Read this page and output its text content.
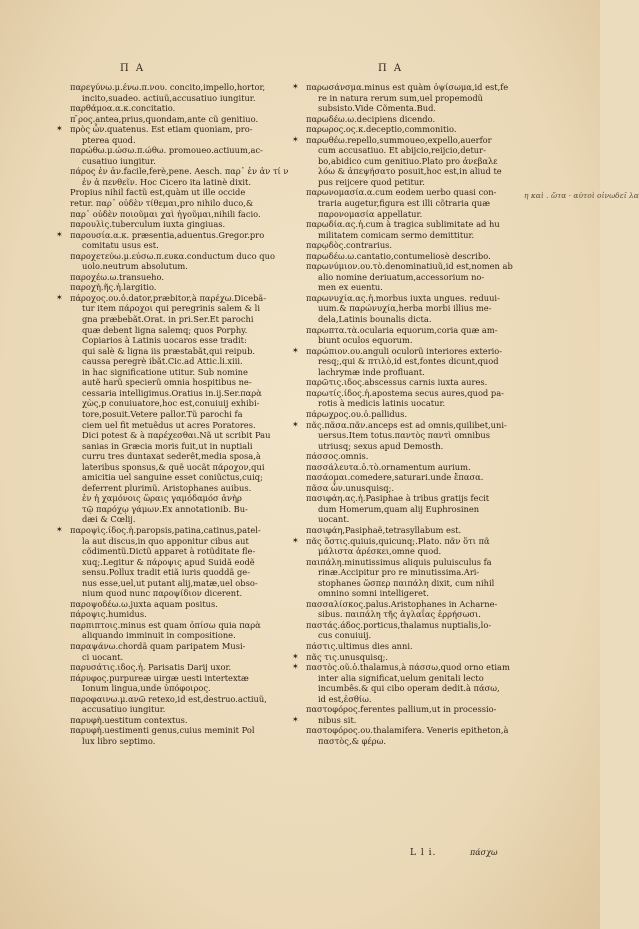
Π Α	Π Α
παρεγύνω.μ.ένω.π.νου. concito,impello,hortor,
incito,suadeo. actiuũ,accusatiuo iungitur.
παρθάμοα.α.κ.concitatio.
π ̄ρος.antea,prius,quondam,ante cũ genitiuo.
✶ πρὸς ὧν.quatenus. Est etiam quoniam, pro-
pterea quod.
παρώθω.μ.ώσω.π.ώθω. promoueo.actiuum,ac-
cusatiuo iungitur.
πάρος ἐν ἀν.facile,ferè,pene. Aesch. παρ᾽ ἐν ἀν τί ν
ἐν ἀ πενθεῖν. Hoc Cicero ita latinè dixit.
Propius nihil factũ est,quàm ut ille occide
retur. παρ᾽ οὐδὲν τίθεμαι,pro nihilo duco,&
παρ᾽ οὐδὲν ποιοῦμαι χαὶ ἡγοῦμαι,nihili facio.
παρουλὶς.tuberculum iuxta gingiuas.
✶ παρουσία.α.κ. præsentia,aduentus.Gregor.pro
comitatu usus est.
παροχετεύω.μ.εύσω.π.ευκα.conductum duco quo
uolo.neutrum absolutum.
παροχέω.ω.transueho.
παροχὴ.ῆς.ἡ.largitio.
✶ πάροχος.ου.ὁ.dator,præbitor,à παρέχω.Dicebã-
tur item πάροχοι qui peregrinis salem & li
gna præbebãt.Orat. in pri.Ser.Et parochi
quæ debent ligna salemq; quos Porphy.
Copiarios à Latinis uocaros esse tradit:
qui salè & ligna iis præstabãt,qui reipub.
caussa peregrè ibãt.Cic.ad Attic.li.xiii.
in hac significatione utitur. Sub nomine
autẽ harũ specierũ omnia hospitibus ne-
cessaria intelligimus.Oratius in.ij.Ser.παρὰ
χὼς,p conuiuatore,hoc est,conuiuij exhibi-
tore,posuit.Vetere pallor.Tũ parochi fa
ciem uel fit metuêdus ut acres Poratores.
Dici potest & à παρέχεσθαι.Nã ut scribit Pau
sanias in Græcia moris fuit,ut in nuptiali
curru tres duntaxat sederêt,media sposa,à
lateribus sponsus,& quẽ uocãt πάροχον,qui
amicitia uel sanguine esset coniũctus,cuiq;
deferrent plurimũ. Aristophanes auibus.
ἐν ἡ χαμόνοις ὥραις γαμόδαμόσ ἀνὴρ
τῷ παρόχῳ γάμων.Ex annotationib. Bu-
dæi & Cœlij.
✶ παροψὶς.ίδος.ἡ.paropsis,patina,catinus,patel-
la aut discus,in quo apponitur cibus aut
cõdimentũ.Dictũ apparet à rotũditate fle-
xuq;.Legitur & πάροψις apud Suidã eodẽ
sensu.Pollux tradit etiã iuris quoddã ge-
nus esse,uel,ut putant alij,matæ,uel obso-
nium quod nunc παροψίδιον dicerent.
παροψοδέω.ω.juxta aquam positus.
πάροψις.humidus.
παρπιπτοις.minus est quam ὀπίσω quia παρὰ
aliquando imminuit in compositione.
παραψάνω.chordã quam paripatem Musi-
ci uocant.
παρυσάτις.ιδος.ἡ. Parisatis Darij uxor.
πάρυφος.purpureæ uirgæ uesti intertextæ
Ionum lingua,unde ὑπόφοιρος.
παροφαινω.μ.ανῶ retexo,id est,destruo.actiuũ,
accusatiuo iungitur.
παρυφὴ.uestitum contextus.
παρυφὴ.uestimenti genus,cuius meminit Pol
lux libro septimo.
✶ παρωσάνσμα.minus est quàm ὀψίσωμα,id est,fe
re in natura rerum sum,uel propemodũ
subsisto.Vide Cõmenta.Bud.
παρωδέω.ω.decipiens dicendo.
παρωρος.ος.κ.deceptio,commonitio.
✶ παρωθέω.repello,summoueo,expello,auerfor
cum accusatiuo. Et abijcio,reijcio,detur-
bo,abidico cum genitiuo.Plato pro ἀνεβαλε
λόω & ἀπεψήσατο posuit,hoc est,in aliud te
pus reijcere quod petitur.
παρωνομασία.α.cum eodem uerbo quasi con-
traria augetur,figura est illi cõtraria quæ
παρονομασία appellatur.
παρωδία.ας.ἡ.cum à tragica sublimitate ad hu
militatem comicam sermo demittitur.
παρῳδὸς.contrarius.
παρωδέω.ω.cantatio,contumeliosè describo.
παρωνύμιον.ου.τὸ.denominatiuũ,id est,nomen ab
alio nomine deriuatum,accessorium no-
men ex euentu.
παρωνυχία.ας.ἡ.morbus iuxta ungues. reduui-
uum.& παρώνυχία,herba morbi illius me-
dela,Latinis bounalis dicta.
παρωπτα.τὰ.ocularia equorum,coria quæ am-
biunt oculos equorum.
✶ παρώπιον.ου.anguli oculorũ interiores exterio-
resq;,qui & πτιλὸ,id est,fontes dicunt,quod
lachrymæ inde profluant.
παρῶτις.ιδος.abscessus carnis iuxta aures.
παρωτίς.ίδος.ἡ.apostema secus aures,quod pa-
rotis à medicis latinis uocatur.
πάρωχρος.ου.ὁ.pallidus.
✶ πᾶς.πᾶσα.πᾶν.anceps est ad omnis,quilibet,uni-
uersus.Item totus.παντὸς παντὶ omnibus
utriusq; sexus apud Demosth.
πάσσος.omnis.
πασσάλευτα.ὁ.τὸ.ornamentum aurium.
πασάομαι.comedere,saturari.unde ἔπασα.
πᾶσα ὧν.unusquisq;.
πασιφάη.ας.ἡ.Pasiphae à tribus gratijs fecit
dum Homerum,quam alij Euphrosinen
uocant.
πασιφάη,Pasiphaë,tetrasyllabum est.
✶ πᾶς ὅστις.quiuis,quicunq;.Plato. πᾶν ὅτι πᾶ
μάλιστα ἀρέσκει,omne quod.
παιπάλη.minutissimus aliquis puluisculus fa
rinæ.Accipitur pro re minutissima.Ari-
stophanes ὥσπερ παιπάλη dixit, cum nihil
omnino somni intelligeret.
πασσαλίσκος.palus.Aristophanes in Acharne-
sibus. παιπάλη τῆς ἀγλαΐας ἐρρήσωσι.
παστάς.άδος.porticus,thalamus nuptialis,lo-
cus conuiuij.
πάστις.ultimus dies anni.
✶ πᾶς τις.unusquisq;.
✶ παστὸς.οῦ.ὁ.thalamus,à πάσσω,quod orno etiam
inter alia significat,uelum genitali lecto
incumbês.& qui cibo operam dedit.à πάσω,
id est,ἐσθίω.
παστοφόρος.ferentes pallium,ut in processio-
✶ nibus sit.
παστοφόρος.ου.thalamifera. Veneris epitheton,à
παστὸς,& φέρω.
η καὶ . ὤτα · αὐτοὶ οἰνωδεῖ λα
L l i.	πάσχω
